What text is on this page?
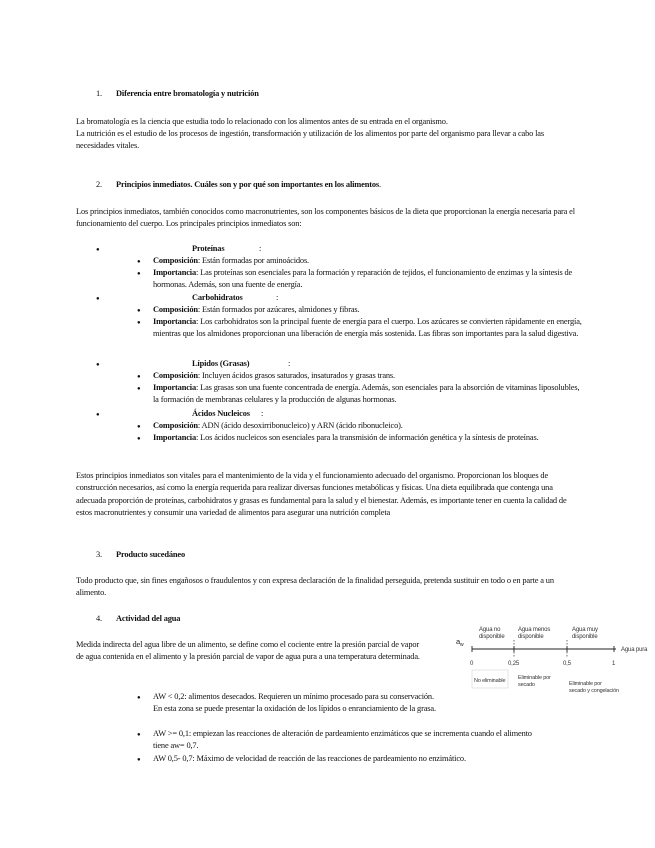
1. Diferencia entre bromatología y nutrición

La bromatología es la ciencia que estudia todo lo relacionado con los alimentos antes de su entrada en el organismo.

La nutrición es el estudio de los procesos de ingestión, transformación y utilización de los alimentos por parte del organismo para llevar a cabo las necesidades vitales.

2. Principios inmediatos. Cuáles son y por qué son importantes en los alimentos.

Los principios inmediatos, también conocidos como macronutrientes, son los componentes básicos de la dieta que proporcionan la energía necesaria para el funcionamiento del cuerpo. Los principales principios inmediatos son:

●
Proteínas	:
●
Composición: Están formadas por aminoácidos.
●
Importancia: Las proteínas son esenciales para la formación y reparación de tejidos, el funcionamiento de enzimas y la síntesis de hormonas. Además, son una fuente de energía.
●
Carbohidratos	:
●
Composición: Están formados por azúcares, almidones y fibras.
●
Importancia: Los carbohidratos son la principal fuente de energía para el cuerpo. Los azúcares se convierten rápidamente en energía, mientras que los almidones proporcionan una liberación de energía más sostenida. Las fibras son importantes para la salud digestiva.
●
Lípidos (Grasas)	:
●
Composición: Incluyen ácidos grasos saturados, insaturados y grasas trans.
●
Importancia: Las grasas son una fuente concentrada de energía. Además, son esenciales para la absorción de vitaminas liposolubles, la formación de membranas celulares y la producción de algunas hormonas.
●
Ácidos Nucleicos :
●
Composición: ADN (ácido desoxirribonucleico) y ARN (ácido ribonucleico).
●
Importancia: Los ácidos nucleicos son esenciales para la transmisión de información genética y la síntesis de proteínas.

Estos principios inmediatos son vitales para el mantenimiento de la vida y el funcionamiento adecuado del organismo. Proporcionan los bloques de construcción necesarios, así como la energía requerida para realizar diversas funciones metabólicas y físicas. Una dieta equilibrada que contenga una adecuada proporción de proteínas, carbohidratos y grasas es fundamental para la salud y el bienestar. Además, es importante tener en cuenta la calidad de estos macronutrientes y consumir una variedad de alimentos para asegurar una nutrición completa

3. Producto sucedáneo

Todo producto que, sin fines engañosos o fraudulentos y con expresa declaración de la finalidad perseguida, pretenda sustituir en todo o en parte a un alimento.

4. Actividad del agua

Medida indirecta del agua libre de un alimento, se define como el cociente entre la presión parcial de vapor de agua contenida en el alimento y la presión parcial de vapor de agua pura a una temperatura determinada.

$a_w$
Agua no disponible
Agua menos disponible
Agua muy disponible
Agua pura
0	0,25	0,5	1
No eliminable Eliminable por secado	Eliminable por secado y congelación
●
AW < 0,2: alimentos desecados. Requieren un mínimo procesado para su conservación. En esta zona se puede presentar la oxidación de los lípidos o enranciamiento de la grasa.
●
AW >= 0,1: empiezan las reacciones de alteración de pardeamiento enzimáticos que se incrementa cuando el alimento tiene aw= 0,7.
●
AW 0,5- 0,7: Máximo de velocidad de reacción de las reacciones de pardeamiento no enzimático.
